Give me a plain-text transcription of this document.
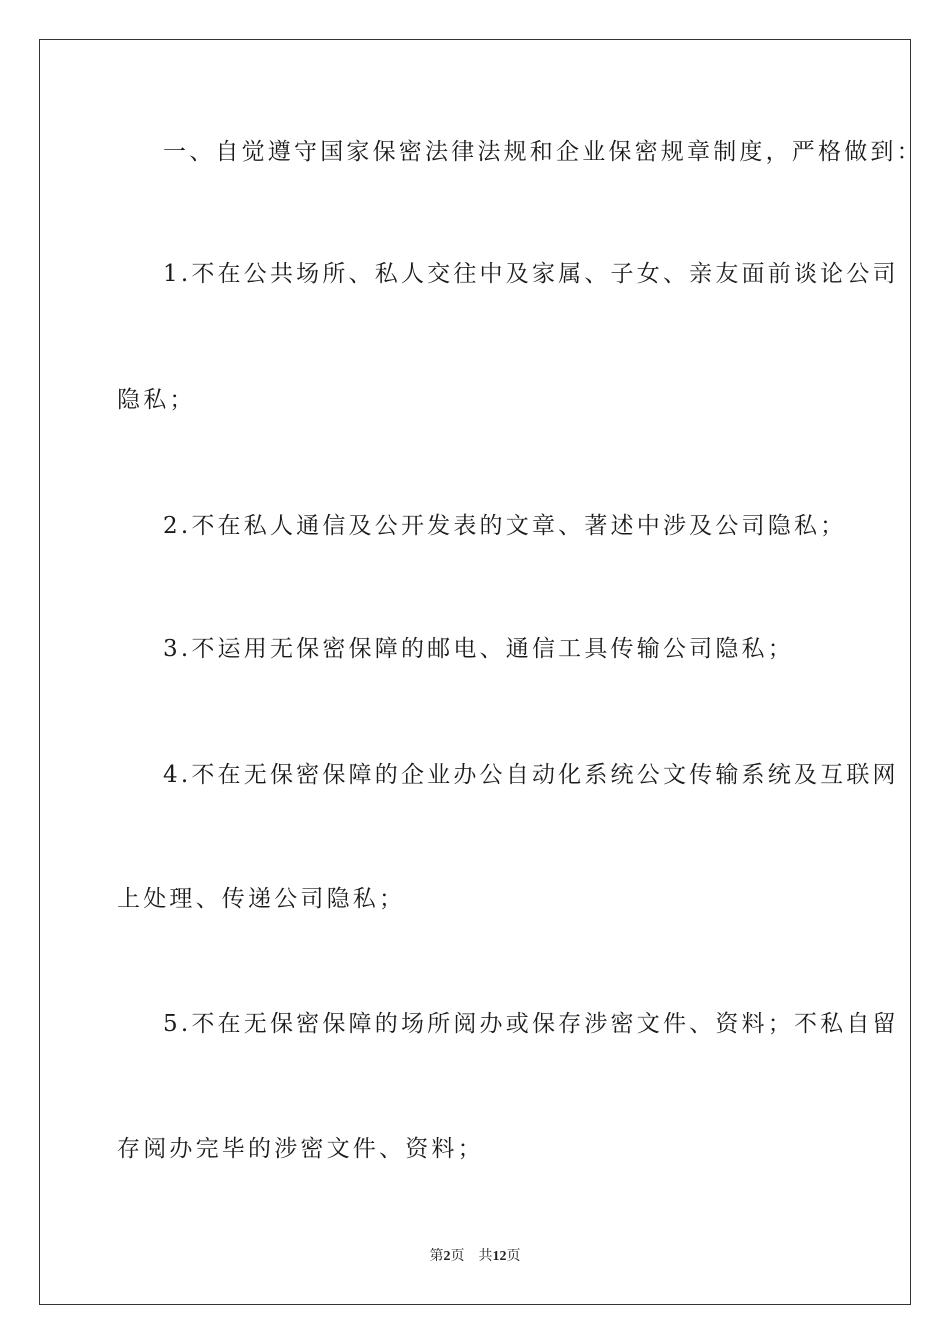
一、自觉遵守国家保密法律法规和企业保密规章制度，严格做到：

1.不在公共场所、私人交往中及家属、子女、亲友面前谈论公司

隐私；

2.不在私人通信及公开发表的文章、著述中涉及公司隐私；

3.不运用无保密保障的邮电、通信工具传输公司隐私；

4.不在无保密保障的企业办公自动化系统公文传输系统及互联网

上处理、传递公司隐私；

5.不在无保密保障的场所阅办或保存涉密文件、资料；不私自留

存阅办完毕的涉密文件、资料；

第2页 共12页
